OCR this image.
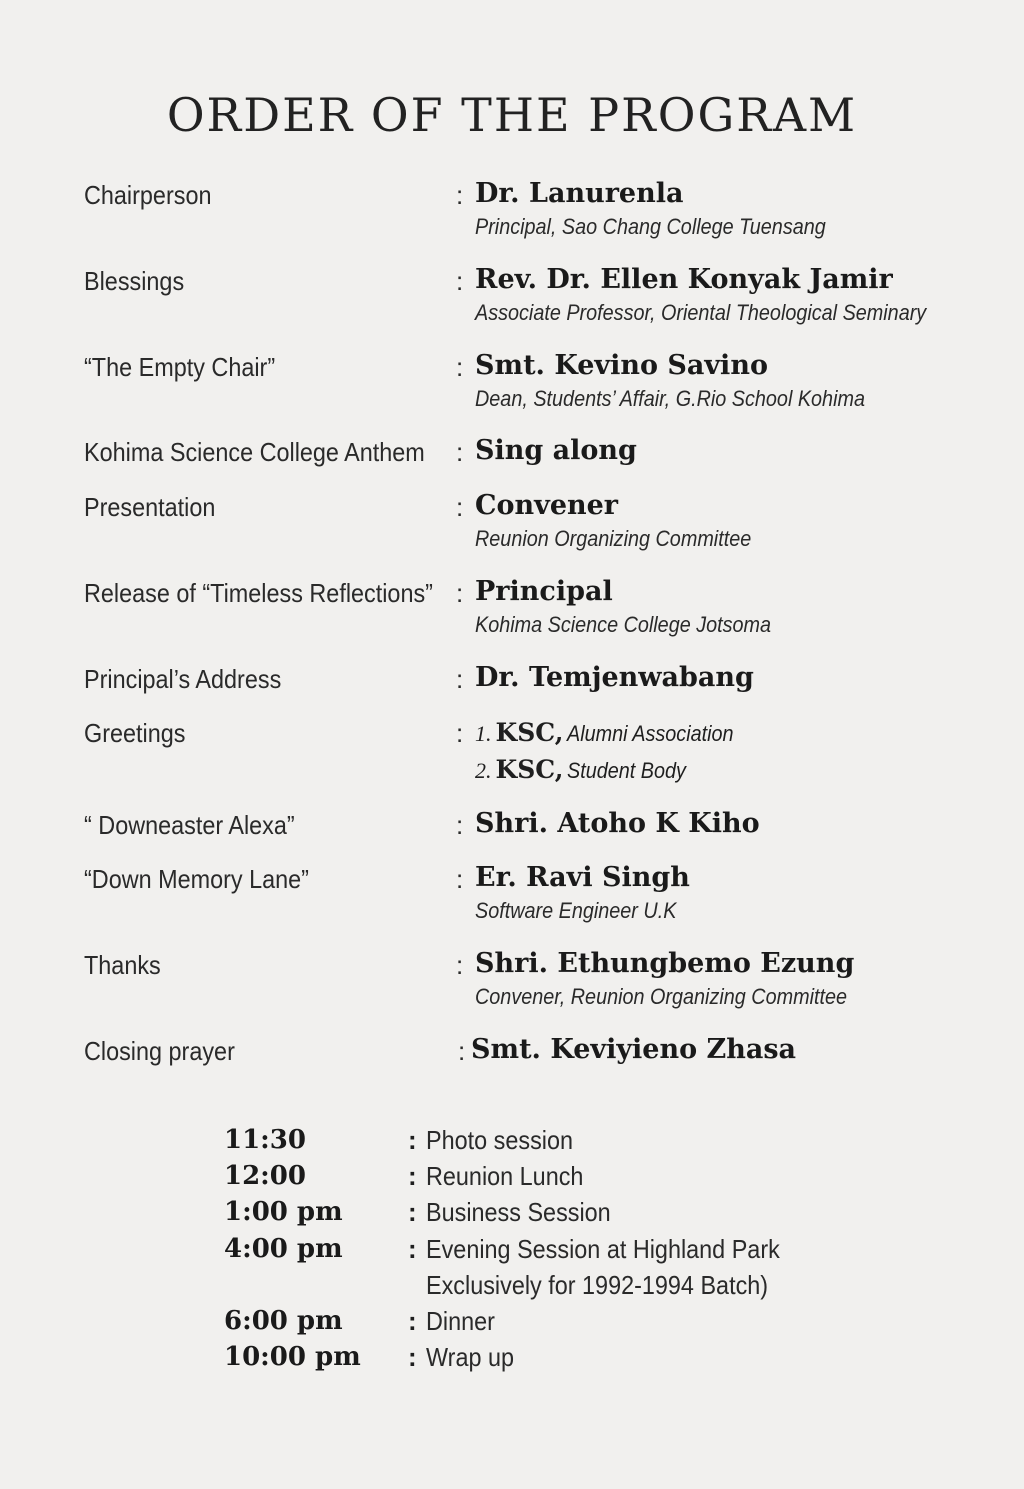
ORDER OF THE PROGRAM
Chairperson	: Dr. Lanurenla
Principal, Sao Chang College Tuensang
Blessings	: Rev. Dr. Ellen Konyak Jamir
Associate Professor, Oriental Theological Seminary
“The Empty Chair”	: Smt. Kevino Savino
Dean, Students’ Affair, G.Rio School Kohima
Kohima Science College Anthem : Sing along
Presentation	: Convener
Reunion Organizing Committee
Release of “Timeless Reflections” : Principal
Kohima Science College Jotsoma
Principal’s Address	: Dr. Temjenwabang
Greetings	: 1. KSC, Alumni Association
2. KSC, Student Body
“ Downeaster Alexa”	: Shri. Atoho K Kiho
“Down Memory Lane”	: Er. Ravi Singh
Software Engineer U.K
Thanks	: Shri. Ethungbemo Ezung
Convener, Reunion Organizing Committee
Closing prayer	: Smt. Keviyieno Zhasa
11:30	: Photo session
12:00	: Reunion Lunch
1:00 pm	: Business Session
4:00 pm	: Evening Session at Highland Park
Exclusively for 1992-1994 Batch)
6:00 pm	: Dinner
10:00 pm : Wrap up
